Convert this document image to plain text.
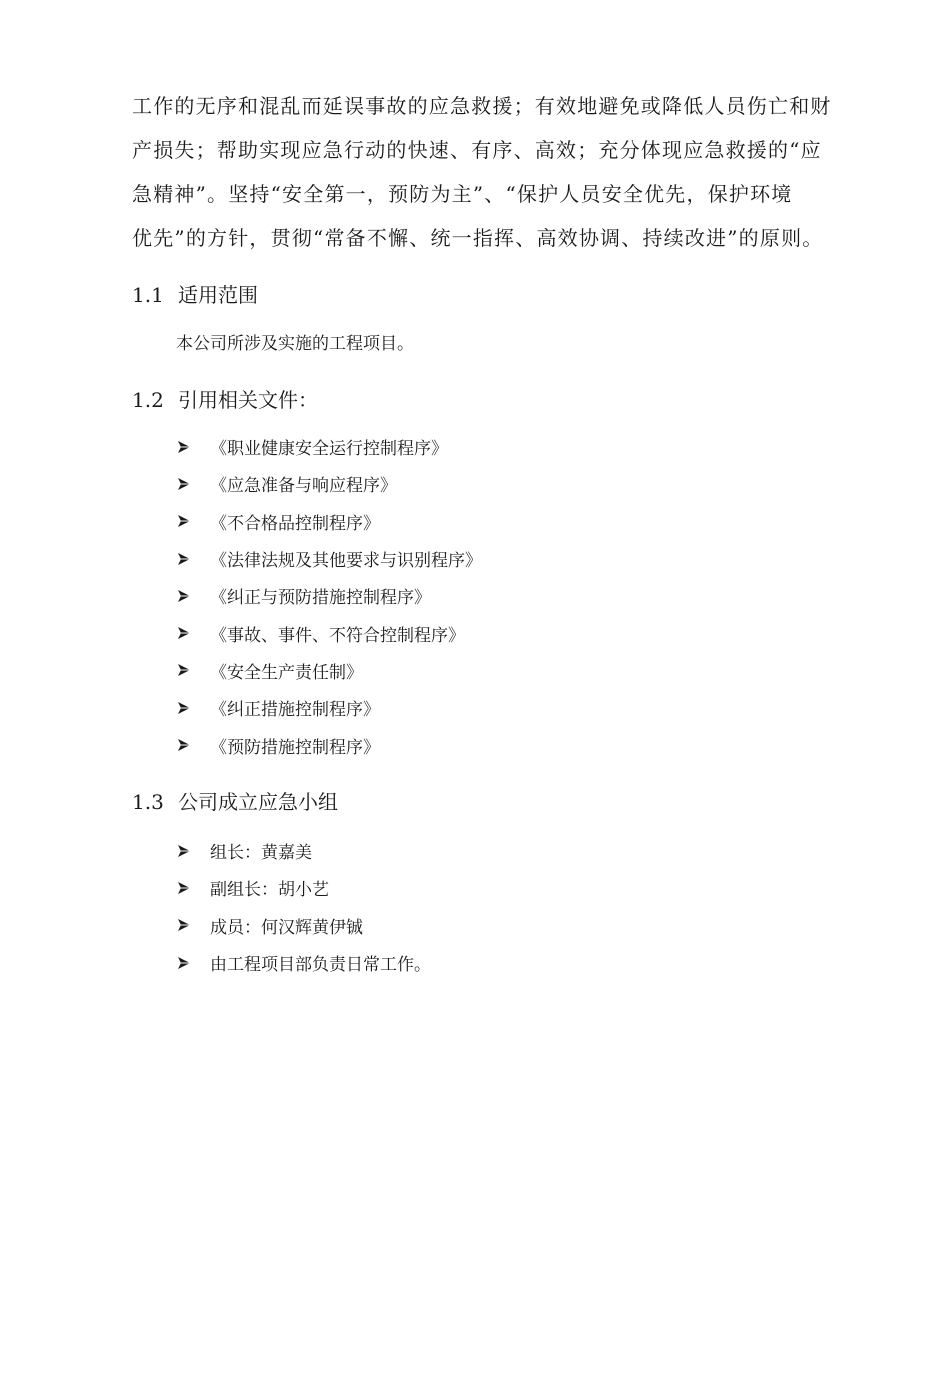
工作的无序和混乱而延误事故的应急救援；有效地避免或降低人员伤亡和财
产损失；帮助实现应急行动的快速、有序、高效；充分体现应急救援的“应
急精神”。坚持“安全第一，预防为主”、“保护人员安全优先，保护环境
优先”的方针，贯彻“常备不懈、统一指挥、高效协调、持续改进”的原则。
1.1 适用范围

本公司所涉及实施的工程项目。

1.2 引用相关文件：
《职业健康安全运行控制程序》
《应急准备与响应程序》
《不合格品控制程序》
《法律法规及其他要求与识别程序》
《纠正与预防措施控制程序》
《事故、事件、不符合控制程序》
《安全生产责任制》
《纠正措施控制程序》
《预防措施控制程序》
1.3 公司成立应急小组
组长：黄嘉美
副组长：胡小艺
成员：何汉辉黄伊铖
由工程项目部负责日常工作。
